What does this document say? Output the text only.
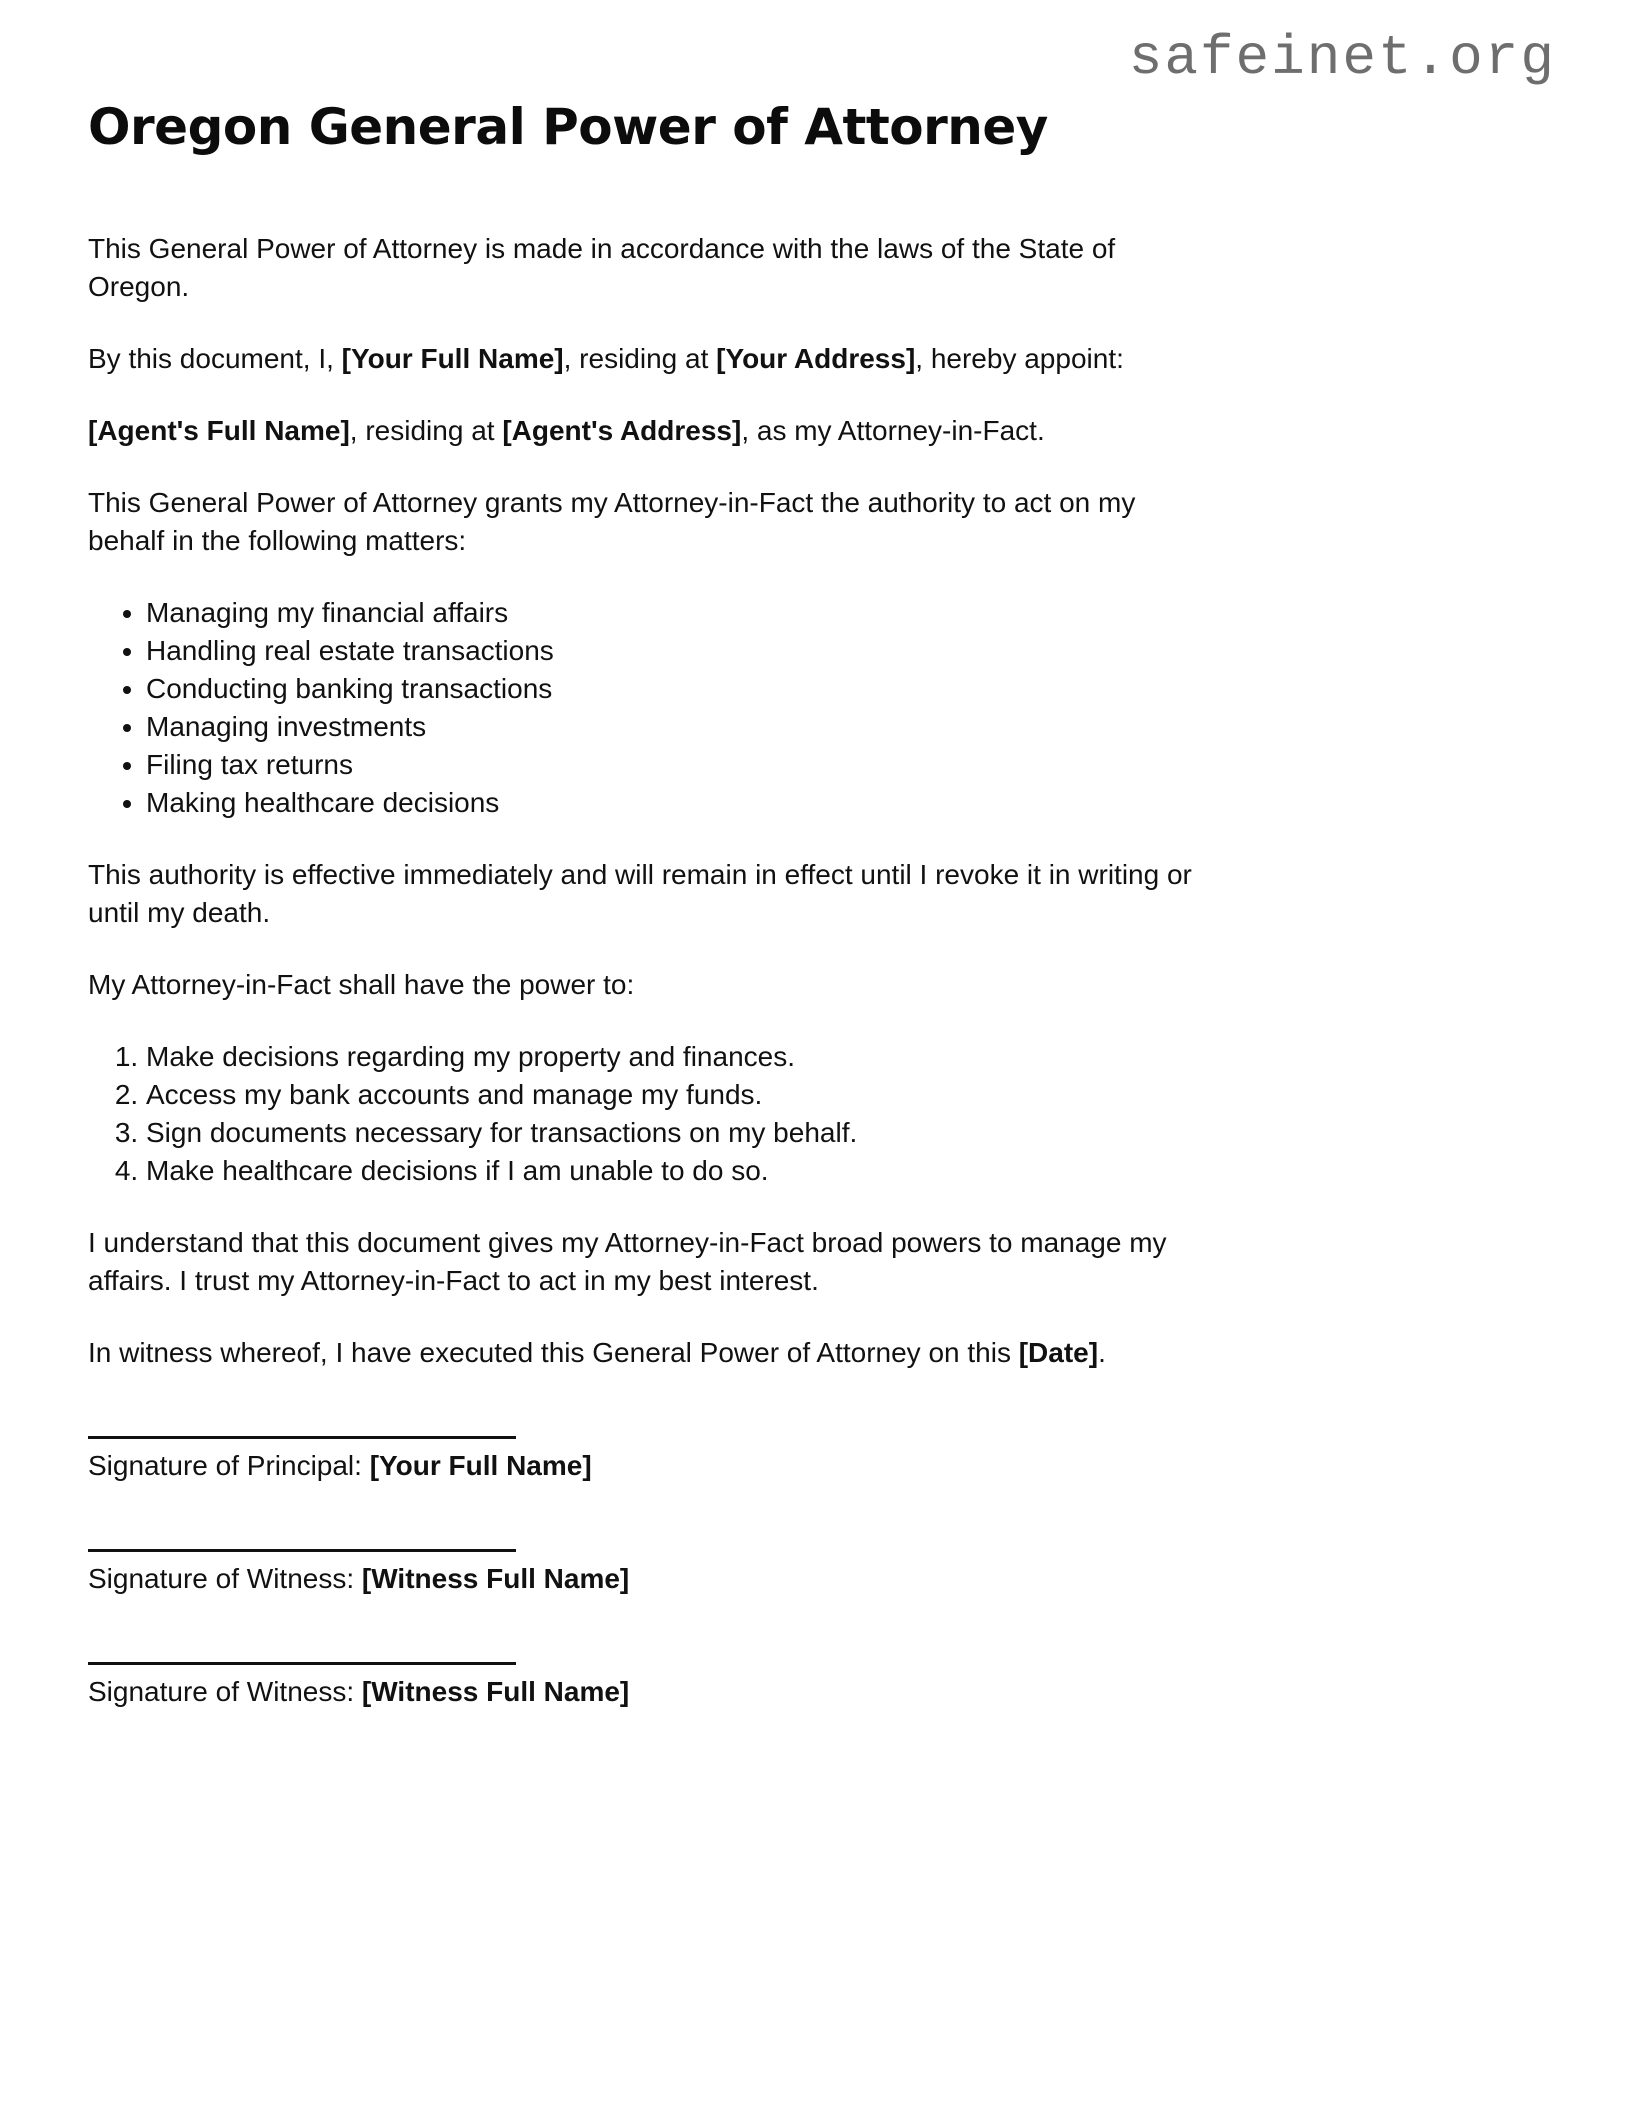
safeinet.org
Oregon General Power of Attorney
This General Power of Attorney is made in accordance with the laws of the State of
Oregon.
By this document, I, [Your Full Name], residing at [Your Address], hereby appoint:
[Agent's Full Name], residing at [Agent's Address], as my Attorney-in-Fact.
This General Power of Attorney grants my Attorney-in-Fact the authority to act on my
behalf in the following matters:
• Managing my financial affairs
• Handling real estate transactions
• Conducting banking transactions
• Managing investments
• Filing tax returns
• Making healthcare decisions
This authority is effective immediately and will remain in effect until I revoke it in writing or
until my death.
My Attorney-in-Fact shall have the power to:
1. Make decisions regarding my property and finances.
2. Access my bank accounts and manage my funds.
3. Sign documents necessary for transactions on my behalf.
4. Make healthcare decisions if I am unable to do so.
I understand that this document gives my Attorney-in-Fact broad powers to manage my
affairs. I trust my Attorney-in-Fact to act in my best interest.
In witness whereof, I have executed this General Power of Attorney on this [Date].
Signature of Principal: [Your Full Name]
Signature of Witness: [Witness Full Name]
Signature of Witness: [Witness Full Name]
